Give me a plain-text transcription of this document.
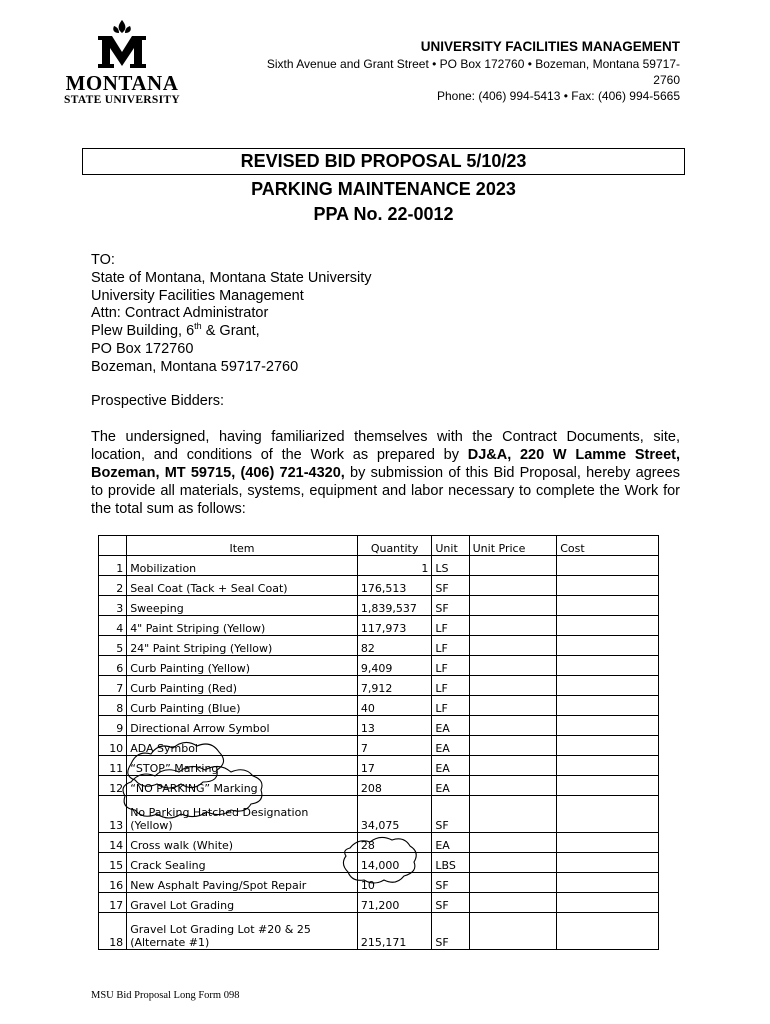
MONTANA
STATE UNIVERSITY
UNIVERSITY FACILITIES MANAGEMENT
Sixth Avenue and Grant Street • PO Box 172760 • Bozeman, Montana 59717-
2760
Phone: (406) 994-5413 • Fax: (406) 994-5665
REVISED BID PROPOSAL 5/10/23
PARKING MAINTENANCE 2023
PPA No. 22-0012
TO:
State of Montana, Montana State University
University Facilities Management
Attn: Contract Administrator
Plew Building, 6th & Grant,
PO Box 172760
Bozeman, Montana 59717-2760
Prospective Bidders:
The undersigned, having familiarized themselves with the Contract Documents, site, location, and conditions of the Work as prepared by DJ&A, 220 W Lamme Street, Bozeman, MT 59715, (406) 721-4320, by submission of this Bid Proposal, hereby agrees to provide all materials, systems, equipment and labor necessary to complete the Work for the total sum as follows:
	Item	Quantity	Unit	Unit Price	Cost
1	Mobilization	1	LS		
2	Seal Coat (Tack + Seal Coat)	176,513	SF		
3	Sweeping	1,839,537	SF		
4	4" Paint Striping (Yellow)	117,973	LF		
5	24" Paint Striping (Yellow)	82	LF		
6	Curb Painting (Yellow)	9,409	LF		
7	Curb Painting (Red)	7,912	LF		
8	Curb Painting (Blue)	40	LF		
9	Directional Arrow Symbol	13	EA		
10	ADA Symbol	7	EA		
11	“STOP” Marking	17	EA		
12	“NO PARKING” Marking	208	EA		
13	No Parking Hatched Designation
(Yellow)	34,075	SF		
14	Cross walk (White)	28	EA		
15	Crack Sealing	14,000	LBS		
16	New Asphalt Paving/Spot Repair	10	SF		
17	Gravel Lot Grading	71,200	SF		
18	Gravel Lot Grading Lot #20 & 25
(Alternate #1)	215,171	SF		
MSU Bid Proposal Long Form 098
